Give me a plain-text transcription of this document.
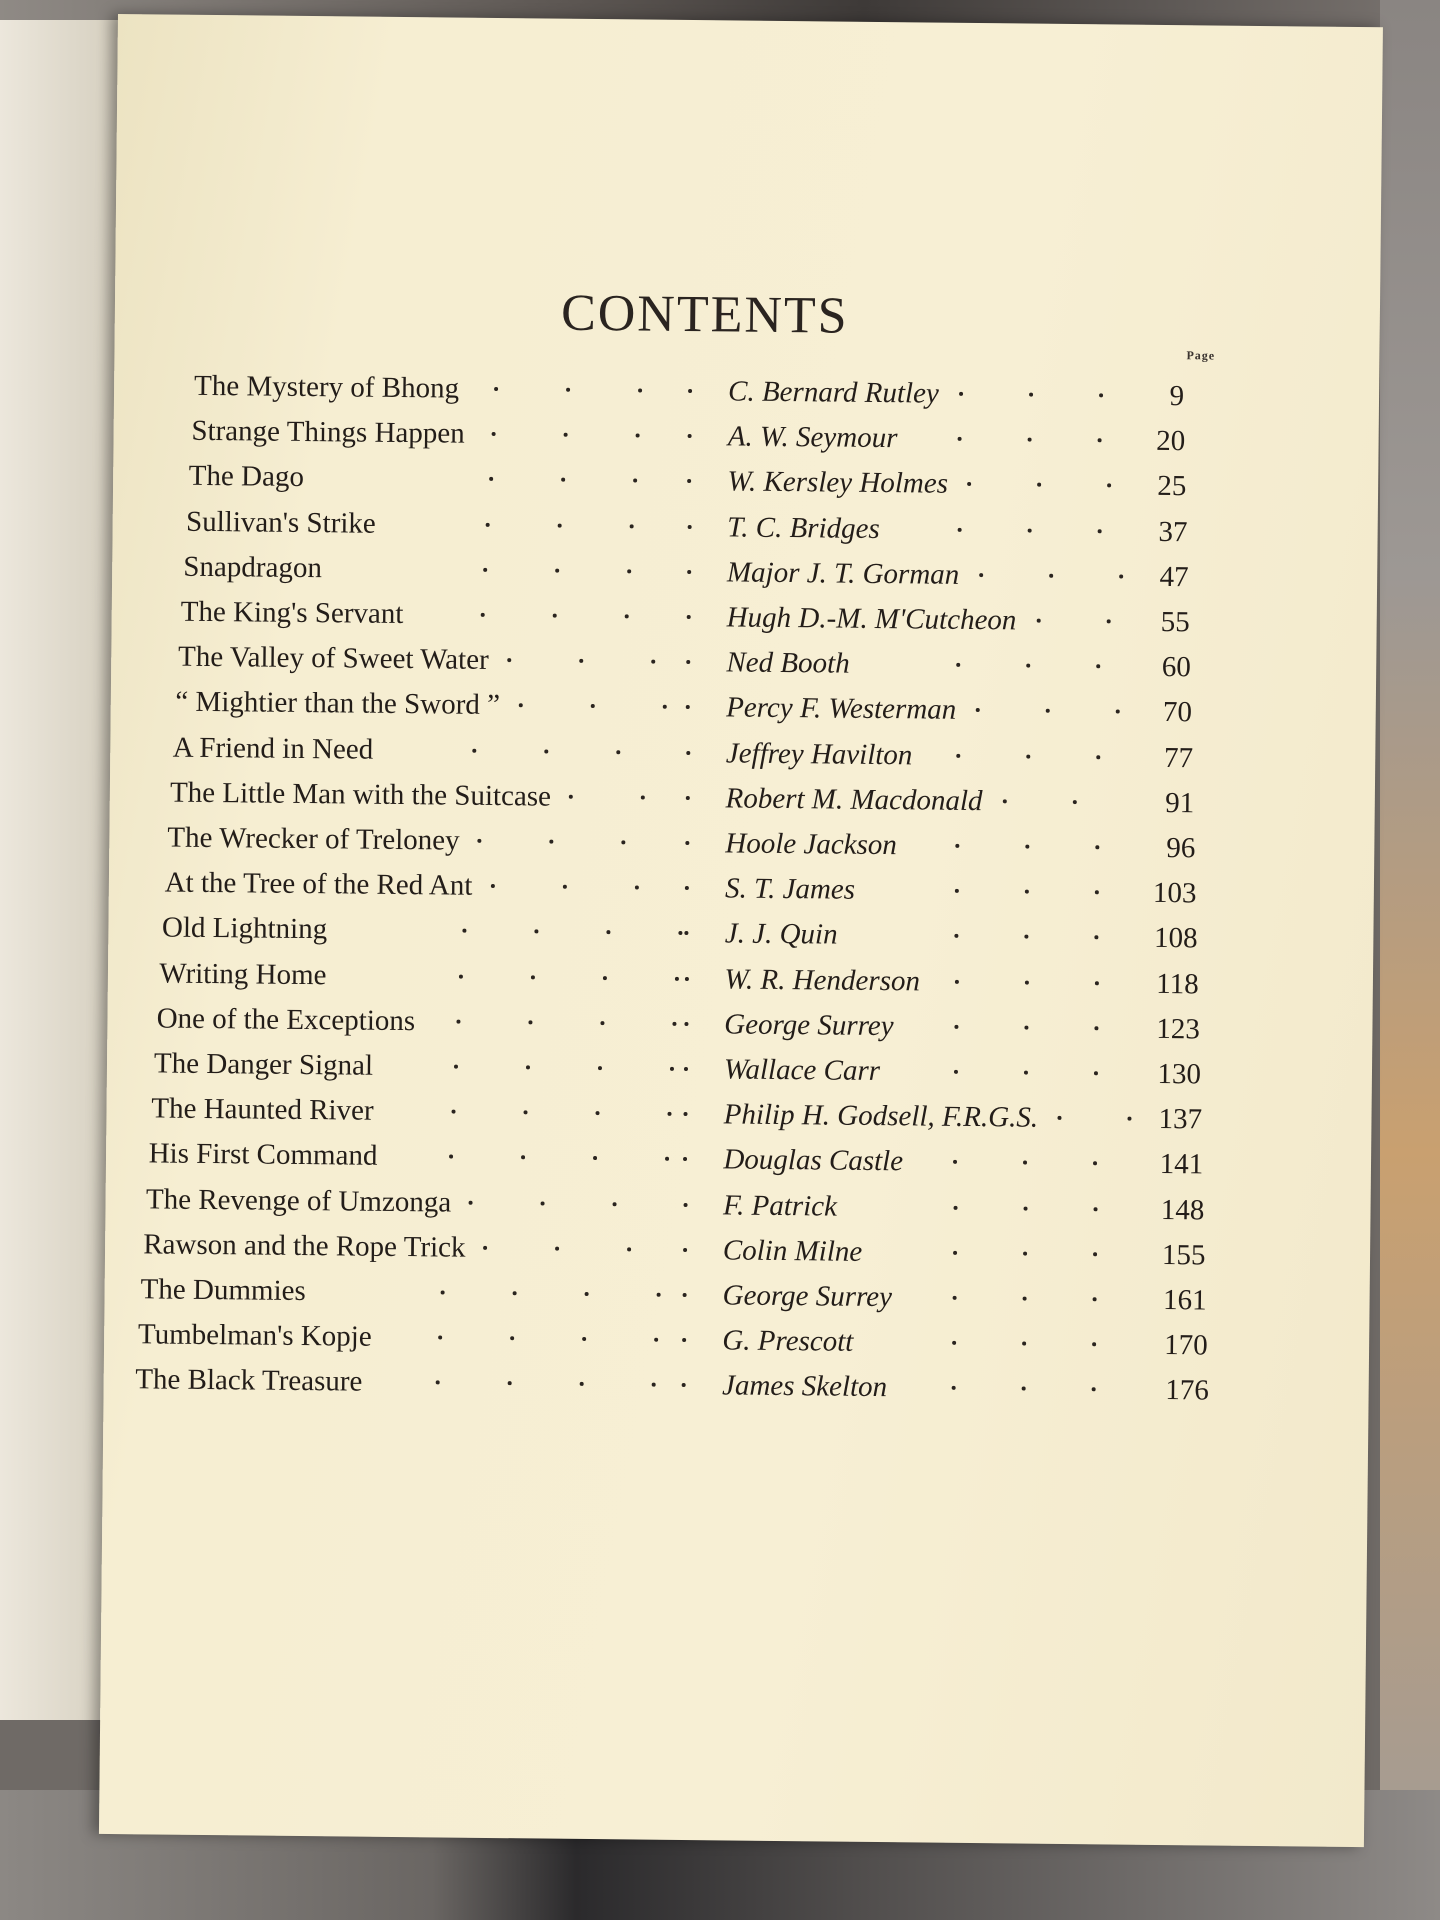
CONTENTS
Page
The Mystery of Bhong	C. Bernard Rutley	9
Strange Things Happen	A. W. Seymour	20
The Dago	W. Kersley Holmes	25
Sullivan's Strike	T. C. Bridges	37
Snapdragon	Major J. T. Gorman	47
The King's Servant	Hugh D.-M. M'Cutcheon	55
The Valley of Sweet Water	Ned Booth	60
“ Mightier than the Sword ”	Percy F. Westerman	70
A Friend in Need	Jeffrey Havilton	77
The Little Man with the Suitcase	Robert M. Macdonald	91
The Wrecker of Treloney	Hoole Jackson	96
At the Tree of the Red Ant	S. T. James	103
Old Lightning	J. J. Quin	108
Writing Home	W. R. Henderson	118
One of the Exceptions	George Surrey	123
The Danger Signal	Wallace Carr	130
The Haunted River	Philip H. Godsell, F.R.G.S.	137
His First Command	Douglas Castle	141
The Revenge of Umzonga	F. Patrick	148
Rawson and the Rope Trick	Colin Milne	155
The Dummies	George Surrey	161
Tumbelman's Kopje	G. Prescott	170
The Black Treasure	James Skelton	176
